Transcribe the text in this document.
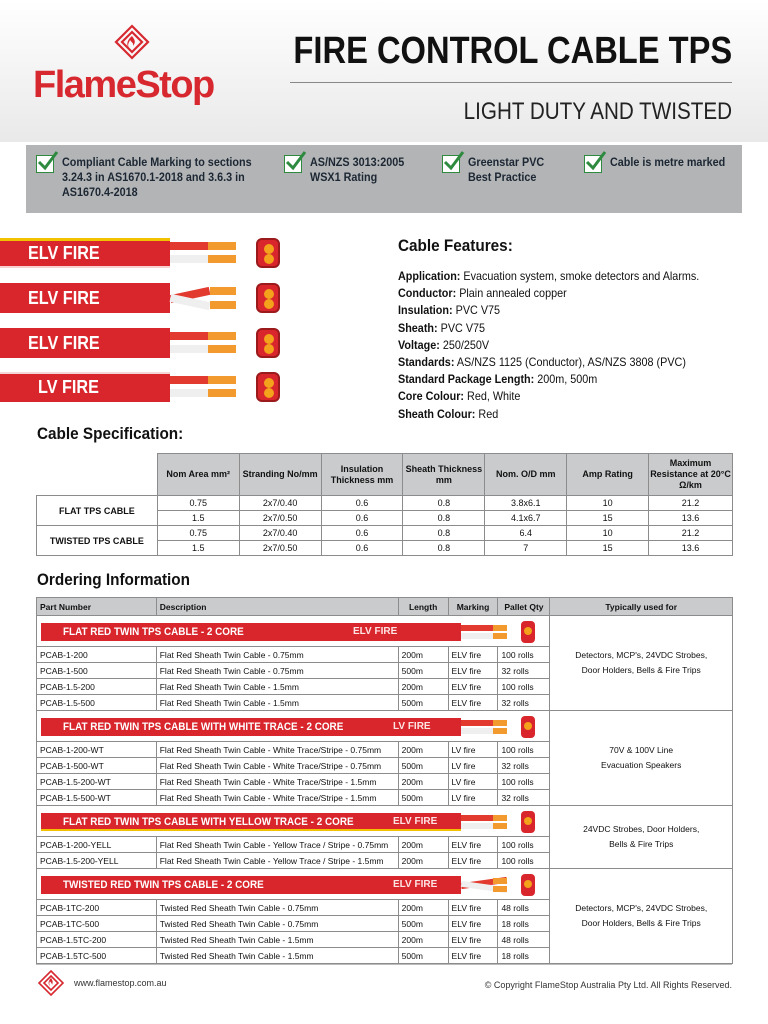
FlameStop
FIRE CONTROL CABLE TPS
LIGHT DUTY AND TWISTED
Compliant Cable Marking to sections 3.24.3 in AS1670.1-2018 and 3.6.3 in AS1670.4-2018
AS/NZS 3013:2005 WSX1 Rating
Greenstar PVC Best Practice
Cable is metre marked
ELV FIRE
ELV FIRE
ELV FIRE
LV FIRE
Cable Features:
Application: Evacuation system, smoke detectors and Alarms.
Conductor: Plain annealed copper
Insulation: PVC V75
Sheath: PVC V75
Voltage: 250/250V
Standards: AS/NZS 1125 (Conductor), AS/NZS 3808 (PVC)
Standard Package Length: 200m, 500m
Core Colour: Red, White
Sheath Colour: Red
Cable Specification:
	Nom Area mm²	Stranding No/mm	Insulation Thickness mm	Sheath Thickness mm	Nom. O/D mm	Amp Rating	Maximum Resistance at 20°C Ω/km
FLAT TPS CABLE	0.75	2x7/0.40	0.6	0.8	3.8x6.1	10	21.2
	1.5	2x7/0.50	0.6	0.8	4.1x6.7	15	13.6
TWISTED TPS CABLE	0.75	2x7/0.40	0.6	0.8	6.4	10	21.2
	1.5	2x7/0.50	0.6	0.8	7	15	13.6
Ordering Information
Part Number	Description	Length	Marking	Pallet Qty	Typically used for

FLAT RED TWIN TPS CABLE - 2 CORE ELV FIRE					Detectors, MCP's, 24VDC Strobes, Door Holders, Bells & Fire Trips
PCAB-1-200	Flat Red Sheath Twin Cable - 0.75mm	200m	ELV fire	100 rolls	
PCAB-1-500	Flat Red Sheath Twin Cable - 0.75mm	500m	ELV fire	32 rolls	
PCAB-1.5-200	Flat Red Sheath Twin Cable - 1.5mm	200m	ELV fire	100 rolls	
PCAB-1.5-500	Flat Red Sheath Twin Cable - 1.5mm	500m	ELV fire	32 rolls	

FLAT RED TWIN TPS CABLE WITH WHITE TRACE - 2 CORE LV FIRE					70V & 100V Line Evacuation Speakers
PCAB-1-200-WT	Flat Red Sheath Twin Cable - White Trace/Stripe - 0.75mm	200m	LV fire	100 rolls	
PCAB-1-500-WT	Flat Red Sheath Twin Cable - White Trace/Stripe - 0.75mm	500m	LV fire	32 rolls	
PCAB-1.5-200-WT	Flat Red Sheath Twin Cable - White Trace/Stripe - 1.5mm	200m	LV fire	100 rolls	
PCAB-1.5-500-WT	Flat Red Sheath Twin Cable - White Trace/Stripe - 1.5mm	500m	LV fire	32 rolls	

FLAT RED TWIN TPS CABLE WITH YELLOW TRACE - 2 CORE ELV FIRE					24VDC Strobes, Door Holders, Bells & Fire Trips
PCAB-1-200-YELL	Flat Red Sheath Twin Cable - Yellow Trace / Stripe - 0.75mm	200m	ELV fire	100 rolls	
PCAB-1.5-200-YELL	Flat Red Sheath Twin Cable - Yellow Trace / Stripe - 1.5mm	200m	ELV fire	100 rolls	

TWISTED RED TWIN TPS CABLE - 2 CORE ELV FIRE					Detectors, MCP's, 24VDC Strobes, Door Holders, Bells & Fire Trips
PCAB-1TC-200	Twisted Red Sheath Twin Cable - 0.75mm	200m	ELV fire	48 rolls	
PCAB-1TC-500	Twisted Red Sheath Twin Cable - 0.75mm	500m	ELV fire	18 rolls	
PCAB-1.5TC-200	Twisted Red Sheath Twin Cable - 1.5mm	200m	ELV fire	48 rolls	
PCAB-1.5TC-500	Twisted Red Sheath Twin Cable - 1.5mm	500m	ELV fire	18 rolls	
www.flamestop.com.au	© Copyright FlameStop Australia Pty Ltd. All Rights Reserved.
